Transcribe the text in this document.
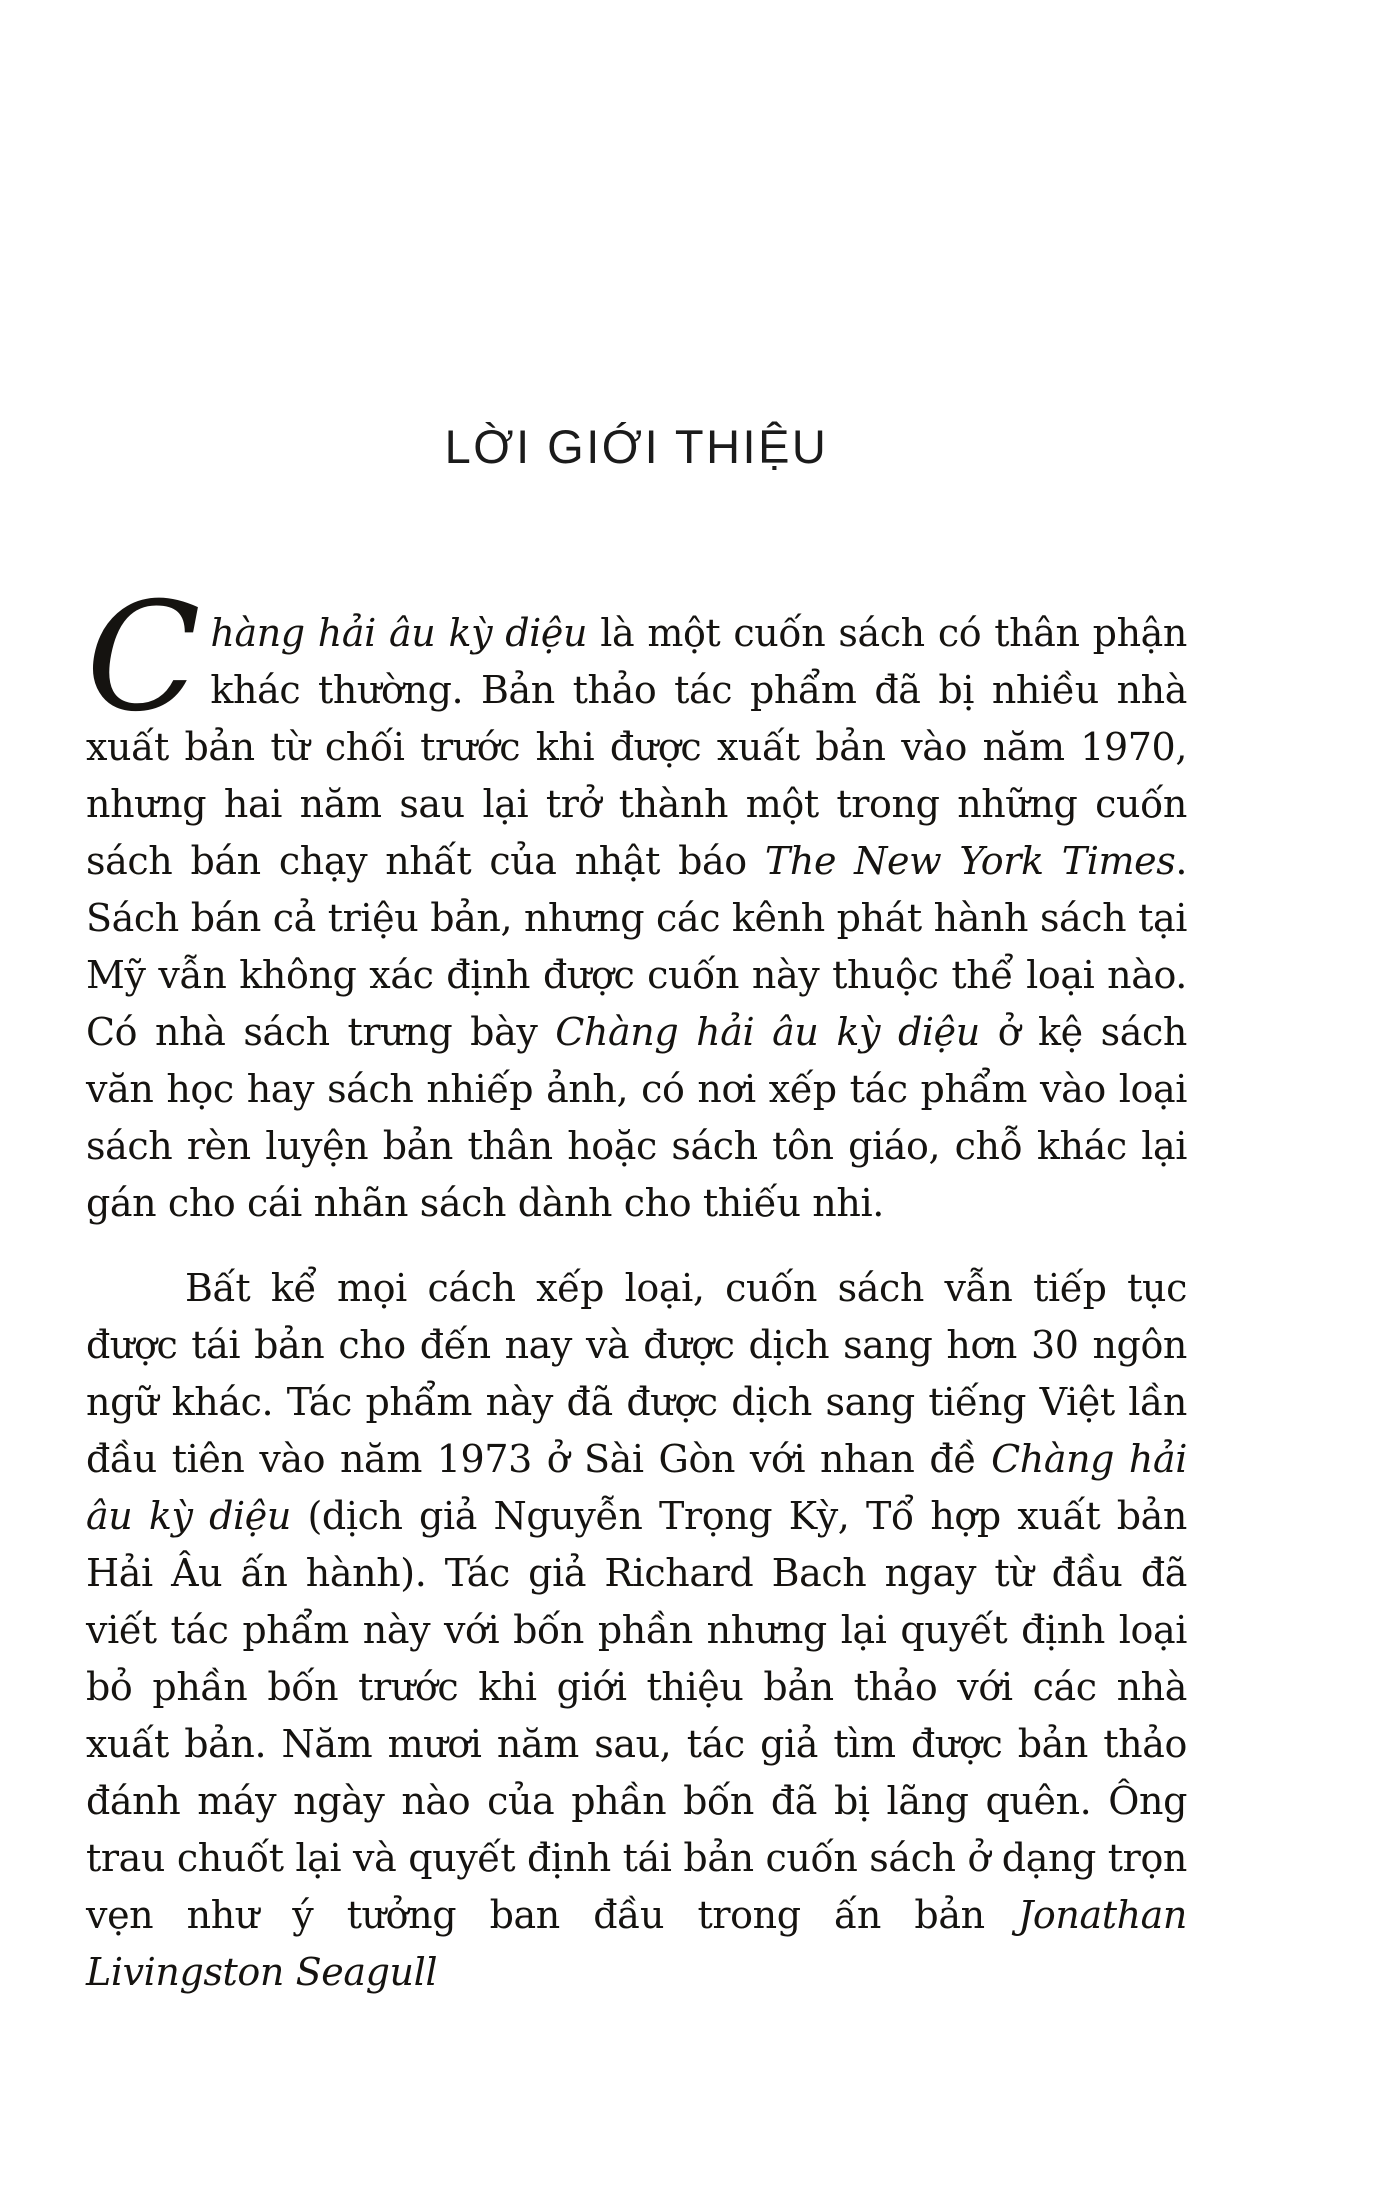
LỜI GIỚI THIỆU

Chàng hải âu kỳ diệu là một cuốn sách có thân phận khác thường. Bản thảo tác phẩm đã bị nhiều nhà xuất bản từ chối trước khi được xuất bản vào năm 1970, nhưng hai năm sau lại trở thành một trong những cuốn sách bán chạy nhất của nhật báo The New York Times. Sách bán cả triệu bản, nhưng các kênh phát hành sách tại Mỹ vẫn không xác định được cuốn này thuộc thể loại nào. Có nhà sách trưng bày Chàng hải âu kỳ diệu ở kệ sách văn học hay sách nhiếp ảnh, có nơi xếp tác phẩm vào loại sách rèn luyện bản thân hoặc sách tôn giáo, chỗ khác lại gán cho cái nhãn sách dành cho thiếu nhi.

Bất kể mọi cách xếp loại, cuốn sách vẫn tiếp tục được tái bản cho đến nay và được dịch sang hơn 30 ngôn ngữ khác. Tác phẩm này đã được dịch sang tiếng Việt lần đầu tiên vào năm 1973 ở Sài Gòn với nhan đề Chàng hải âu kỳ diệu (dịch giả Nguyễn Trọng Kỳ, Tổ hợp xuất bản Hải Âu ấn hành). Tác giả Richard Bach ngay từ đầu đã viết tác phẩm này với bốn phần nhưng lại quyết định loại bỏ phần bốn trước khi giới thiệu bản thảo với các nhà xuất bản. Năm mươi năm sau, tác giả tìm được bản thảo đánh máy ngày nào của phần bốn đã bị lãng quên. Ông trau chuốt lại và quyết định tái bản cuốn sách ở dạng trọn vẹn như ý tưởng ban đầu trong ấn bản Jonathan Livingston Seagull
